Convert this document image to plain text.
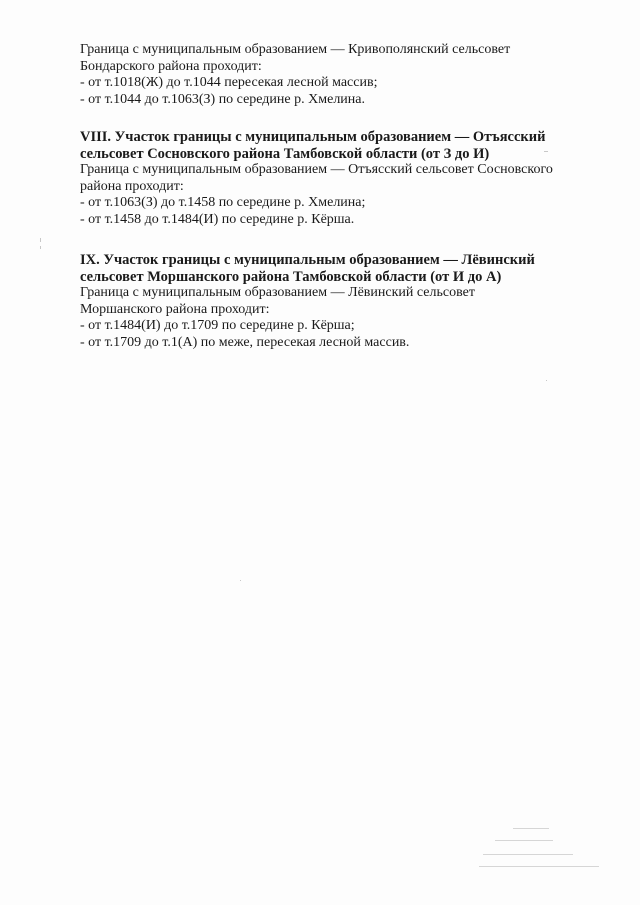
Граница с муниципальным образованием — Кривополянский сельсовет
Бондарского района проходит:
- от т.1018(Ж) до т.1044 пересекая лесной массив;
- от т.1044 до т.1063(З) по середине р. Хмелина.
VIII. Участок границы с муниципальным образованием — Отъясский
сельсовет Сосновского района Тамбовской области (от З до И)
Граница с муниципальным образованием — Отъясский сельсовет Сосновского
района проходит:
- от т.1063(З) до т.1458 по середине р. Хмелина;
- от т.1458 до т.1484(И) по середине р. Кёрша.
IX. Участок границы с муниципальным образованием — Лёвинский
сельсовет Моршанского района Тамбовской области (от И до А)
Граница с муниципальным образованием — Лёвинский сельсовет
Моршанского района проходит:
- от т.1484(И) до т.1709 по середине р. Кёрша;
- от т.1709 до т.1(А) по меже, пересекая лесной массив.
